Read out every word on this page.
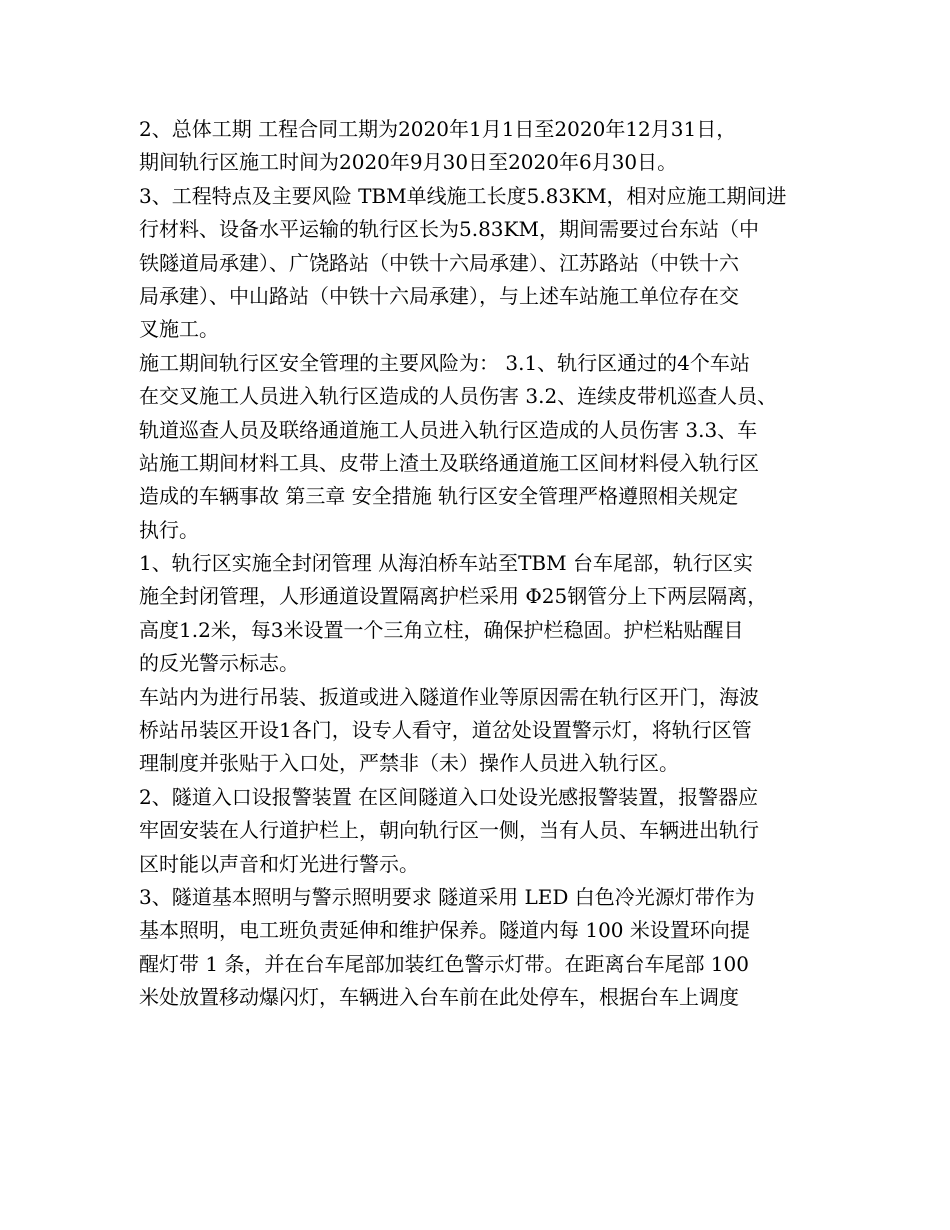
2、总体工期 工程合同工期为2020年1月1日至2020年12月31日，
期间轨行区施工时间为2020年9月30日至2020年6月30日。
3、工程特点及主要风险 TBM单线施工长度5.83KM，相对应施工期间进
行材料、设备水平运输的轨行区长为5.83KM，期间需要过台东站（中
铁隧道局承建）、广饶路站（中铁十六局承建）、江苏路站（中铁十六
局承建）、中山路站（中铁十六局承建），与上述车站施工单位存在交
叉施工。
施工期间轨行区安全管理的主要风险为： 3.1、轨行区通过的4个车站
在交叉施工人员进入轨行区造成的人员伤害 3.2、连续皮带机巡查人员、
轨道巡查人员及联络通道施工人员进入轨行区造成的人员伤害 3.3、车
站施工期间材料工具、皮带上渣土及联络通道施工区间材料侵入轨行区
造成的车辆事故 第三章 安全措施 轨行区安全管理严格遵照相关规定
执行。
1、轨行区实施全封闭管理 从海泊桥车站至TBM 台车尾部，轨行区实
施全封闭管理，人形通道设置隔离护栏采用 Φ25钢管分上下两层隔离，
高度1.2米，每3米设置一个三角立柱，确保护栏稳固。护栏粘贴醒目
的反光警示标志。
车站内为进行吊装、扳道或进入隧道作业等原因需在轨行区开门，海波
桥站吊装区开设1各门，设专人看守，道岔处设置警示灯，将轨行区管
理制度并张贴于入口处，严禁非（未）操作人员进入轨行区。
2、隧道入口设报警装置 在区间隧道入口处设光感报警装置，报警器应
牢固安装在人行道护栏上，朝向轨行区一侧，当有人员、车辆进出轨行
区时能以声音和灯光进行警示。
3、隧道基本照明与警示照明要求 隧道采用 LED 白色冷光源灯带作为
基本照明，电工班负责延伸和维护保养。隧道内每 100 米设置环向提
醒灯带 1 条，并在台车尾部加装红色警示灯带。在距离台车尾部 100
米处放置移动爆闪灯，车辆进入台车前在此处停车，根据台车上调度
